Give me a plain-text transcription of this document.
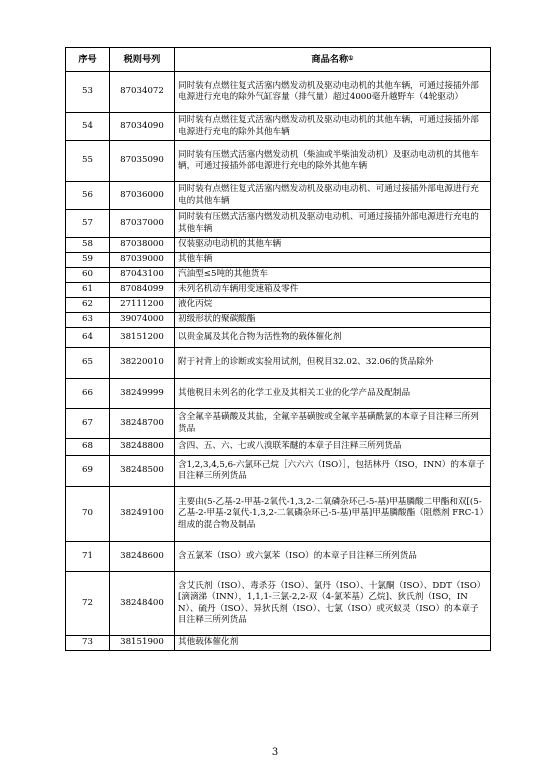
序号	税则号列	商品名称①
53	87034072	同时装有点燃往复式活塞内燃发动机及驱动电动机的其他车辆，可通过接插外部电源进行充电的除外气缸容量（排气量）超过4000毫升越野车（4轮驱动）
54	87034090	同时装有点燃往复式活塞内燃发动机及驱动电动机的其他车辆，可通过接插外部电源进行充电的除外其他车辆
55	87035090	同时装有压燃式活塞内燃发动机（柴油或半柴油发动机）及驱动电动机的其他车辆，可通过接插外部电源进行充电的除外其他车辆
56	87036000	同时装有点燃往复式活塞内燃发动机及驱动电动机、可通过接插外部电源进行充电的其他车辆
57	87037000	同时装有压燃式活塞内燃发动机及驱动电动机、可通过接插外部电源进行充电的其他车辆
58	87038000	仅装驱动电动机的其他车辆
59	87039000	其他车辆
60	87043100	汽油型≤5吨的其他货车
61	87084099	未列名机动车辆用变速箱及零件
62	27111200	液化丙烷
63	39074000	初级形状的聚碳酸酯
64	38151200	以贵金属及其化合物为活性物的载体催化剂
65	38220010	附于衬背上的诊断或实验用试剂，但税目32.02、32.06的货品除外
66	38249999	其他税目未列名的化学工业及其相关工业的化学产品及配制品
67	38248700	含全氟辛基磺酸及其盐，全氟辛基磺胺或全氟辛基磺酰氯的本章子目注释三所列货品
68	38248800	含四、五、六、七或八溴联苯醚的本章子目注释三所列货品
69	38248500	含1,2,3,4,5,6-六氯环己烷［六六六（ISO）］，包括林丹（ISO，INN）的本章子目注释三所列货品
70	38249100	主要由(5-乙基-2-甲基-2氧代-1,3,2-二氧磷杂环己-5-基)甲基膦酸二甲酯和双[(5-乙基-2-甲基-2氧代-1,3,2-二氧磷杂环己-5-基)甲基]甲基膦酸酯（阻燃剂 FRC-1）组成的混合物及制品
71	38248600	含五氯苯（ISO）或六氯苯（ISO）的本章子目注释三所列货品
72	38248400	含艾氏剂（ISO）、毒杀芬（ISO）、氯丹（ISO）、十氯酮（ISO）、DDT（ISO）[滴滴涕（INN），1,1,1-三氯-2,2-双（4-氯苯基）乙烷]、狄氏剂（ISO，INN）、硫丹（ISO）、异狄氏剂（ISO）、七氯（ISO）或灭蚁灵（ISO）的本章子目注释三所列货品
73	38151900	其他载体催化剂
3
